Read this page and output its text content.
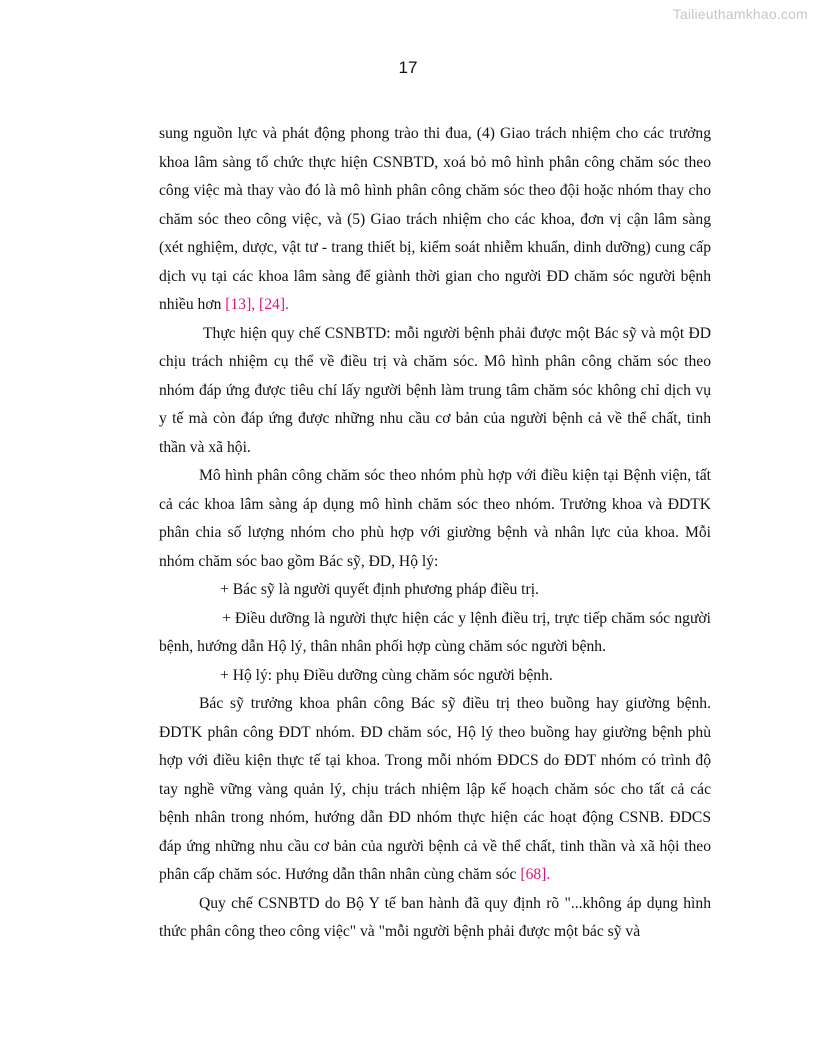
Tailieuthamkhao.com
17

sung nguồn lực và phát động phong trào thi đua, (4) Giao trách nhiệm cho các trưởng khoa lâm sàng tổ chức thực hiện CSNBTD, xoá bỏ mô hình phân công chăm sóc theo công việc mà thay vào đó là mô hình phân công chăm sóc theo đội hoặc nhóm thay cho chăm sóc theo công việc, và (5) Giao trách nhiệm cho các khoa, đơn vị cận lâm sàng (xét nghiệm, dược, vật tư - trang thiết bị, kiểm soát nhiễm khuẩn, dinh dưỡng) cung cấp dịch vụ tại các khoa lâm sàng để giành thời gian cho người ĐD chăm sóc người bệnh nhiều hơn [13], [24].

Thực hiện quy chế CSNBTD: mỗi người bệnh phải được một Bác sỹ và một ĐD chịu trách nhiệm cụ thể về điều trị và chăm sóc. Mô hình phân công chăm sóc theo nhóm đáp ứng được tiêu chí lấy người bệnh làm trung tâm chăm sóc không chỉ dịch vụ y tế mà còn đáp ứng được những nhu cầu cơ bản của người bệnh cả về thể chất, tinh thần và xã hội.

Mô hình phân công chăm sóc theo nhóm phù hợp với điều kiện tại Bệnh viện, tất cả các khoa lâm sàng áp dụng mô hình chăm sóc theo nhóm. Trưởng khoa và ĐDTK phân chia số lượng nhóm cho phù hợp với giường bệnh và nhân lực của khoa. Mỗi nhóm chăm sóc bao gồm Bác sỹ, ĐD, Hộ lý:

+ Bác sỹ là người quyết định phương pháp điều trị.

+ Điều dưỡng là người thực hiện các y lệnh điều trị, trực tiếp chăm sóc người bệnh, hướng dẫn Hộ lý, thân nhân phối hợp cùng chăm sóc người bệnh.

+ Hộ lý: phụ Điều dưỡng cùng chăm sóc người bệnh.

Bác sỹ trưởng khoa phân công Bác sỹ điều trị theo buồng hay giường bệnh. ĐDTK phân công ĐDT nhóm. ĐD chăm sóc, Hộ lý theo buồng hay giường bệnh phù hợp với điều kiện thực tế tại khoa. Trong mỗi nhóm ĐDCS do ĐDT nhóm có trình độ tay nghề vững vàng quản lý, chịu trách nhiệm lập kế hoạch chăm sóc cho tất cả các bệnh nhân trong nhóm, hướng dẫn ĐD nhóm thực hiện các hoạt động CSNB. ĐDCS đáp ứng những nhu cầu cơ bản của người bệnh cả về thể chất, tinh thần và xã hội theo phân cấp chăm sóc. Hướng dẫn thân nhân cùng chăm sóc [68].

Quy chế CSNBTD do Bộ Y tế ban hành đã quy định rõ "...không áp dụng hình thức phân công theo công việc" và "mỗi người bệnh phải được một bác sỹ và
